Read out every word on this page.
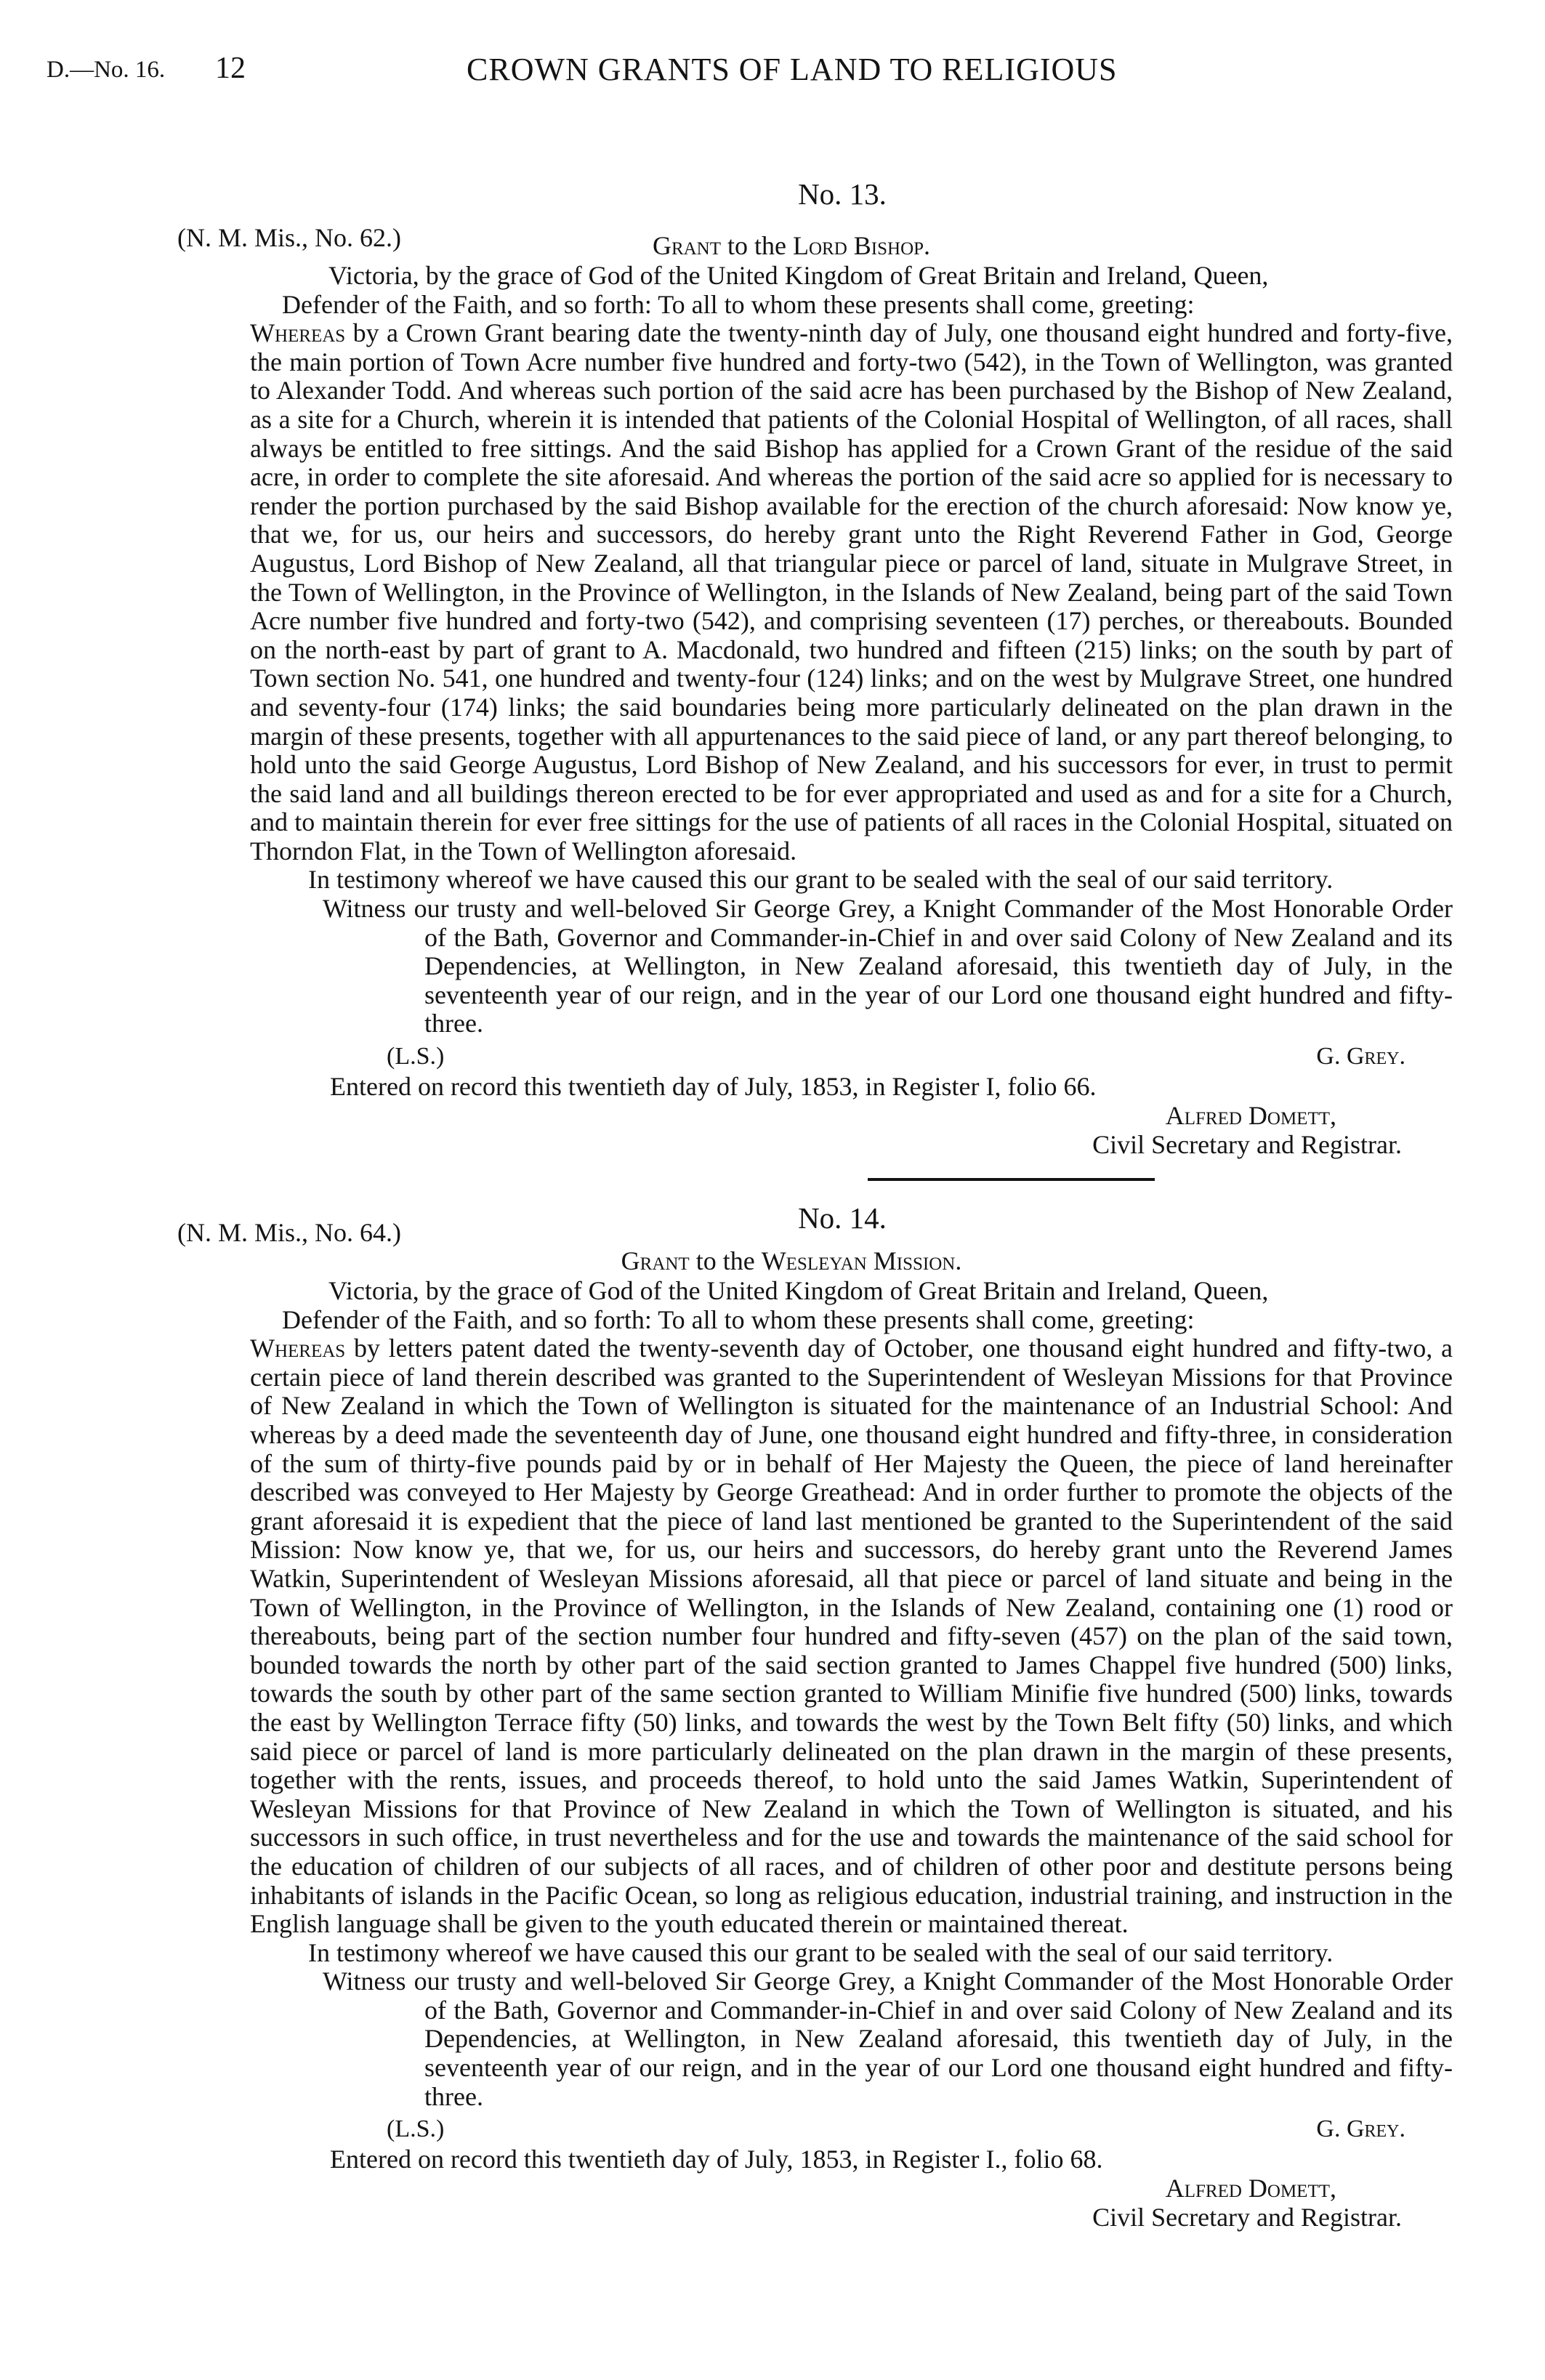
D.—No. 16. 12	CROWN GRANTS OF LAND TO RELIGIOUS
No. 13.
(N. M. Mis., No. 62.)	Grant to the Lord Bishop.

Victoria, by the grace of God of the United Kingdom of Great Britain and Ireland, Queen,

Defender of the Faith, and so forth: To all to whom these presents shall come, greeting:

Whereas by a Crown Grant bearing date the twenty-ninth day of July, one thousand eight hundred and forty-five, the main portion of Town Acre number five hundred and forty-two (542), in the Town of Wellington, was granted to Alexander Todd. And whereas such portion of the said acre has been purchased by the Bishop of New Zealand, as a site for a Church, wherein it is intended that patients of the Colonial Hospital of Wellington, of all races, shall always be entitled to free sittings. And the said Bishop has applied for a Crown Grant of the residue of the said acre, in order to complete the site aforesaid. And whereas the portion of the said acre so applied for is necessary to render the portion purchased by the said Bishop available for the erection of the church aforesaid: Now know ye, that we, for us, our heirs and successors, do hereby grant unto the Right Reverend Father in God, George Augustus, Lord Bishop of New Zealand, all that triangular piece or parcel of land, situate in Mulgrave Street, in the Town of Wellington, in the Province of Wellington, in the Islands of New Zealand, being part of the said Town Acre number five hundred and forty-two (542), and comprising seventeen (17) perches, or thereabouts. Bounded on the north-east by part of grant to A. Macdonald, two hundred and fifteen (215) links; on the south by part of Town section No. 541, one hundred and twenty-four (124) links; and on the west by Mulgrave Street, one hundred and seventy-four (174) links; the said boundaries being more particularly delineated on the plan drawn in the margin of these presents, together with all appurtenances to the said piece of land, or any part thereof belonging, to hold unto the said George Augustus, Lord Bishop of New Zealand, and his successors for ever, in trust to permit the said land and all buildings thereon erected to be for ever appropriated and used as and for a site for a Church, and to maintain therein for ever free sittings for the use of patients of all races in the Colonial Hospital, situated on Thorndon Flat, in the Town of Wellington aforesaid.

In testimony whereof we have caused this our grant to be sealed with the seal of our said territory.

Witness our trusty and well-beloved Sir George Grey, a Knight Commander of the Most Honorable Order of the Bath, Governor and Commander-in-Chief in and over said Colony of New Zealand and its Dependencies, at Wellington, in New Zealand aforesaid, this twentieth day of July, in the seventeenth year of our reign, and in the year of our Lord one thousand eight hundred and fifty-three.

(L.S.)	G. Grey.
Entered on record this twentieth day of July, 1853, in Register I, folio 66.
Alfred Domett,
Civil Secretary and Registrar.
No. 14.
(N. M. Mis., No. 64.)
Grant to the Wesleyan Mission.

Victoria, by the grace of God of the United Kingdom of Great Britain and Ireland, Queen,

Defender of the Faith, and so forth: To all to whom these presents shall come, greeting:

Whereas by letters patent dated the twenty-seventh day of October, one thousand eight hundred and fifty-two, a certain piece of land therein described was granted to the Superintendent of Wesleyan Missions for that Province of New Zealand in which the Town of Wellington is situated for the maintenance of an Industrial School: And whereas by a deed made the seventeenth day of June, one thousand eight hundred and fifty-three, in consideration of the sum of thirty-five pounds paid by or in behalf of Her Majesty the Queen, the piece of land hereinafter described was conveyed to Her Majesty by George Greathead: And in order further to promote the objects of the grant aforesaid it is expedient that the piece of land last mentioned be granted to the Superintendent of the said Mission: Now know ye, that we, for us, our heirs and successors, do hereby grant unto the Reverend James Watkin, Superintendent of Wesleyan Missions aforesaid, all that piece or parcel of land situate and being in the Town of Wellington, in the Province of Wellington, in the Islands of New Zealand, containing one (1) rood or thereabouts, being part of the section number four hundred and fifty-seven (457) on the plan of the said town, bounded towards the north by other part of the said section granted to James Chappel five hundred (500) links, towards the south by other part of the same section granted to William Minifie five hundred (500) links, towards the east by Wellington Terrace fifty (50) links, and towards the west by the Town Belt fifty (50) links, and which said piece or parcel of land is more particularly delineated on the plan drawn in the margin of these presents, together with the rents, issues, and proceeds thereof, to hold unto the said James Watkin, Superintendent of Wesleyan Missions for that Province of New Zealand in which the Town of Wellington is situated, and his successors in such office, in trust nevertheless and for the use and towards the maintenance of the said school for the education of children of our subjects of all races, and of children of other poor and destitute persons being inhabitants of islands in the Pacific Ocean, so long as religious education, industrial training, and instruction in the English language shall be given to the youth educated therein or maintained thereat.

In testimony whereof we have caused this our grant to be sealed with the seal of our said territory.

Witness our trusty and well-beloved Sir George Grey, a Knight Commander of the Most Honorable Order of the Bath, Governor and Commander-in-Chief in and over said Colony of New Zealand and its Dependencies, at Wellington, in New Zealand aforesaid, this twentieth day of July, in the seventeenth year of our reign, and in the year of our Lord one thousand eight hundred and fifty-three.

(L.S.)	G. Grey.
Entered on record this twentieth day of July, 1853, in Register I., folio 68.
Alfred Domett,
Civil Secretary and Registrar.
